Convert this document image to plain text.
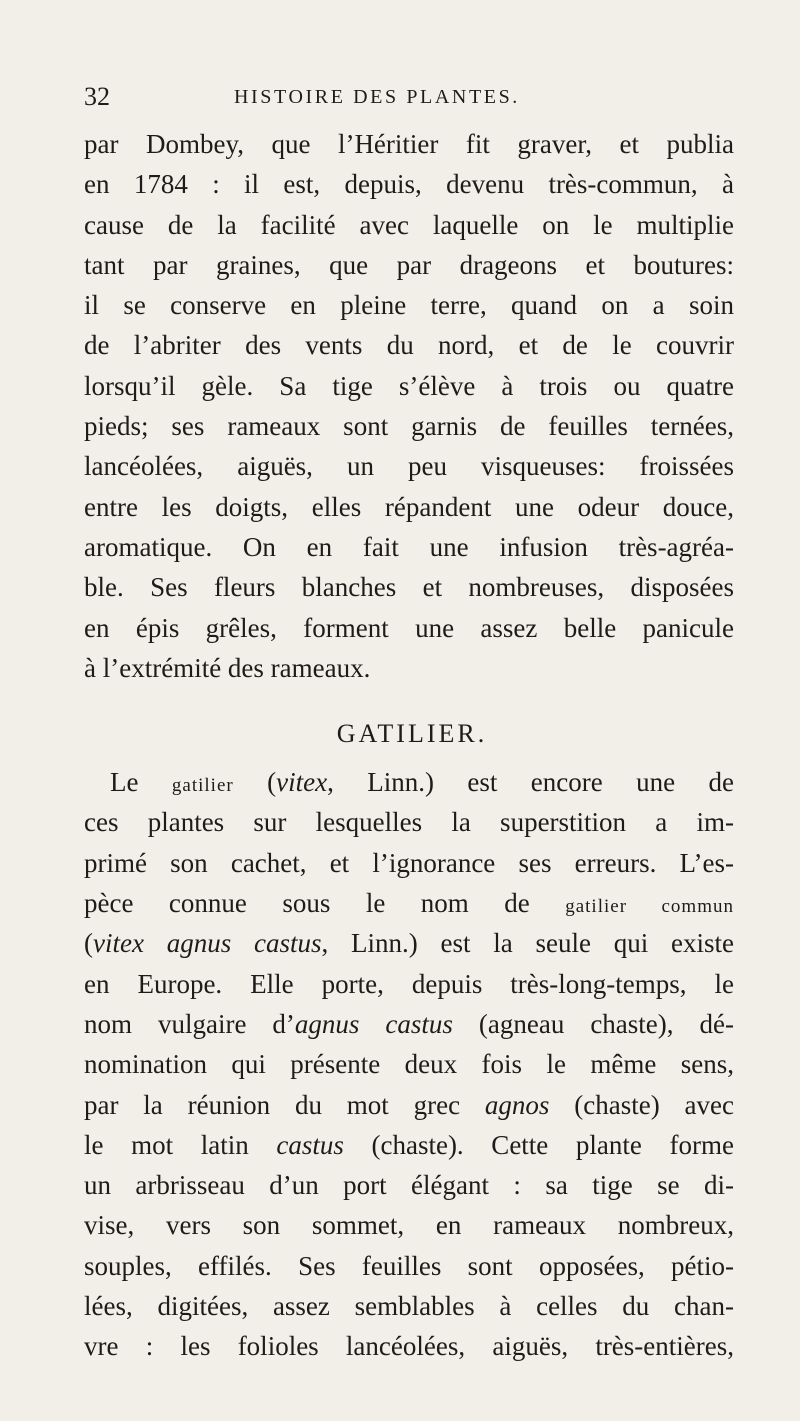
32	HISTOIRE DES PLANTES.
par Dombey, que l’Héritier fit graver, et publia
en 1784 : il est, depuis, devenu très-commun, à
cause de la facilité avec laquelle on le multiplie
tant par graines, que par drageons et boutures:
il se conserve en pleine terre, quand on a soin
de l’abriter des vents du nord, et de le couvrir
lorsqu’il gèle. Sa tige s’élève à trois ou quatre
pieds; ses rameaux sont garnis de feuilles ternées,
lancéolées, aiguës, un peu visqueuses: froissées
entre les doigts, elles répandent une odeur douce,
aromatique. On en fait une infusion très-agréa-
ble. Ses fleurs blanches et nombreuses, disposées
en épis grêles, forment une assez belle panicule
à l’extrémité des rameaux.
GATILIER.
Le gatilier (vitex, Linn.) est encore une de
ces plantes sur lesquelles la superstition a im-
primé son cachet, et l’ignorance ses erreurs. L’es-
pèce connue sous le nom de gatilier commun
(vitex agnus castus, Linn.) est la seule qui existe
en Europe. Elle porte, depuis très-long-temps, le
nom vulgaire d’agnus castus (agneau chaste), dé-
nomination qui présente deux fois le même sens,
par la réunion du mot grec agnos (chaste) avec
le mot latin castus (chaste). Cette plante forme
un arbrisseau d’un port élégant : sa tige se di-
vise, vers son sommet, en rameaux nombreux,
souples, effilés. Ses feuilles sont opposées, pétio-
lées, digitées, assez semblables à celles du chan-
vre : les folioles lancéolées, aiguës, très-entières,
